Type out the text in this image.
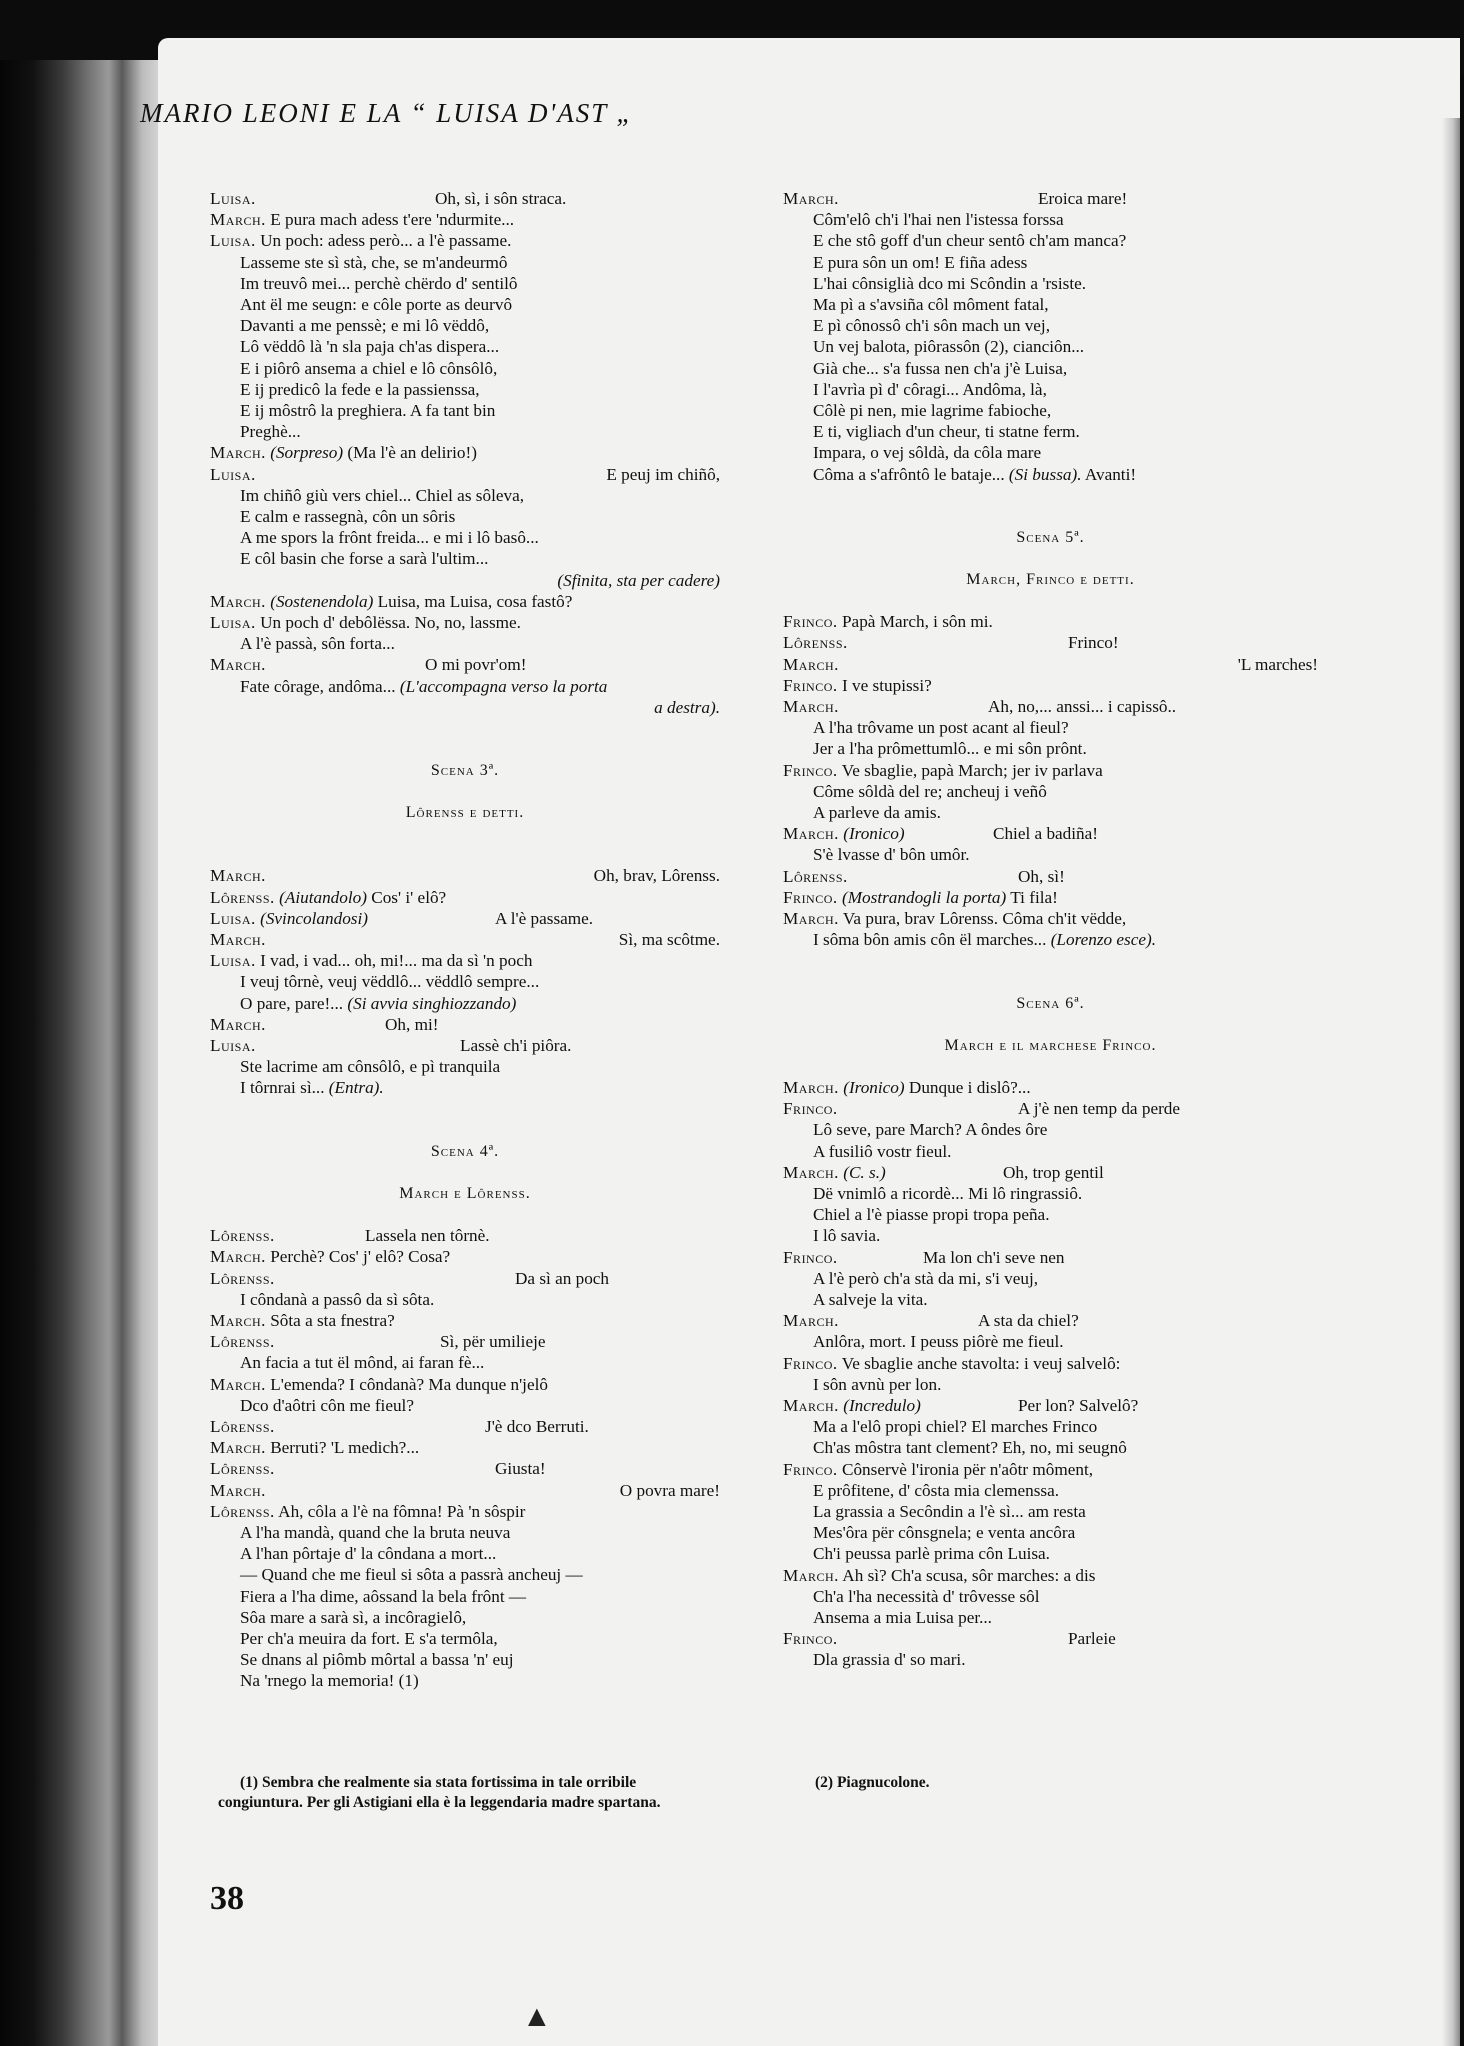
MARIO LEONI E LA “ LUISA D'AST „
Luisa.	Oh, sì, i sôn straca.
March. E pura mach adess t'ere 'ndurmite...
Luisa. Un poch: adess però... a l'è passame.
Lasseme ste sì stà, che, se m'andeurmô
Im treuvô mei... perchè chërdo d' sentilô
Ant ël me seugn: e côle porte as deurvô
Davanti a me penssè; e mi lô vëddô,
Lô vëddô là 'n sla paja ch'as dispera...
E i piôrô ansema a chiel e lô cônsôlô,
E ij predicô la fede e la passienssa,
E ij môstrô la preghiera. A fa tant bin
Preghè...
March. (Sorpreso) (Ma l'è an delirio!)
Luisa.	E peuj im chiñô,
Im chiñô giù vers chiel... Chiel as sôleva,
E calm e rassegnà, côn un sôris
A me spors la frônt freida... e mi i lô basô...
E côl basin che forse a sarà l'ultim...
(Sfinita, sta per cadere)
March. (Sostenendola) Luisa, ma Luisa, cosa fastô?
Luisa. Un poch d' debôlëssa. No, no, lassme.
A l'è passà, sôn forta...
March.	O mi povr'om!
Fate côrage, andôma... (L'accompagna verso la porta
a destra).
Scena 3ª.
Lôrenss e detti.
March.	Oh, brav, Lôrenss.
Lôrenss. (Aiutandolo) Cos' i' elô?
Luisa. (Svincolandosi)	A l'è passame.
March.	Sì, ma scôtme.
Luisa. I vad, i vad... oh, mi!... ma da sì 'n poch
I veuj tôrnè, veuj vëddlô... vëddlô sempre...
O pare, pare!... (Si avvia singhiozzando)
March.	Oh, mi!
Luisa.	Lassè ch'i piôra.
Ste lacrime am cônsôlô, e pì tranquila
I tôrnrai sì... (Entra).
Scena 4ª.
March e Lôrenss.
Lôrenss.	Lassela nen tôrnè.
March. Perchè? Cos' j' elô? Cosa?
Lôrenss.	Da sì an poch
I côndanà a passô da sì sôta.
March. Sôta a sta fnestra?
Lôrenss.	Sì, për umilieje
An facia a tut ël mônd, ai faran fè...
March. L'emenda? I côndanà? Ma dunque n'jelô
Dco d'aôtri côn me fieul?
Lôrenss.	J'è dco Berruti.
March. Berruti? 'L medich?...
Lôrenss.	Giusta!
March.	O povra mare!
Lôrenss. Ah, côla a l'è na fômna! Pà 'n sôspir
A l'ha mandà, quand che la bruta neuva
A l'han pôrtaje d' la côndana a mort...
— Quand che me fieul si sôta a passrà ancheuj —
Fiera a l'ha dime, aôssand la bela frônt —
Sôa mare a sarà sì, a incôragielô,
Per ch'a meuira da fort. E s'a termôla,
Se dnans al piômb môrtal a bassa 'n' euj
Na 'rnego la memoria! (1)
March.	Eroica mare!
Côm'elô ch'i l'hai nen l'istessa forssa
E che stô goff d'un cheur sentô ch'am manca?
E pura sôn un om! E fiña adess
L'hai cônsiglià dco mi Scôndin a 'rsiste.
Ma pì a s'avsiña côl môment fatal,
E pì cônossô ch'i sôn mach un vej,
Un vej balota, piôrassôn (2), cianciôn...
Già che... s'a fussa nen ch'a j'è Luisa,
I l'avrìa pì d' côragi... Andôma, là,
Côlè pi nen, mie lagrime fabioche,
E ti, vigliach d'un cheur, ti statne ferm.
Impara, o vej sôldà, da côla mare
Côma a s'afrôntô le bataje... (Si bussa). Avanti!
Scena 5ª.
March, Frinco e detti.
Frinco. Papà March, i sôn mi.
Lôrenss.	Frinco!
March.	'L marches!
Frinco. I ve stupissi?
March.	Ah, no,... anssi... i capissô..
A l'ha trôvame un post acant al fieul?
Jer a l'ha prômettumlô... e mi sôn prônt.
Frinco. Ve sbaglie, papà March; jer iv parlava
Côme sôldà del re; ancheuj i veñô
A parleve da amis.
March. (Ironico)	Chiel a badiña!
S'è lvasse d' bôn umôr.
Lôrenss.	Oh, sì!
Frinco. (Mostrandogli la porta) Ti fila!
March. Va pura, brav Lôrenss. Côma ch'it vëdde,
I sôma bôn amis côn ël marches... (Lorenzo esce).
Scena 6ª.
March e il marchese Frinco.
March. (Ironico) Dunque i dislô?...
Frinco.	A j'è nen temp da perde
Lô seve, pare March? A ôndes ôre
A fusiliô vostr fieul.
March. (C. s.)	Oh, trop gentil
Dë vnimlô a ricordè... Mi lô ringrassiô.
Chiel a l'è piasse propi tropa peña.
I lô savia.
Frinco.	Ma lon ch'i seve nen
A l'è però ch'a stà da mi, s'i veuj,
A salveje la vita.
March.	A sta da chiel?
Anlôra, mort. I peuss piôrè me fieul.
Frinco. Ve sbaglie anche stavolta: i veuj salvelô:
I sôn avnù per lon.
March. (Incredulo)	Per lon? Salvelô?
Ma a l'elô propi chiel? El marches Frinco
Ch'as môstra tant clement? Eh, no, mi seugnô
Frinco. Cônservè l'ironia për n'aôtr môment,
E prôfitene, d' côsta mia clemenssa.
La grassia a Secôndin a l'è sì... am resta
Mes'ôra për cônsgnela; e venta ancôra
Ch'i peussa parlè prima côn Luisa.
March. Ah sì? Ch'a scusa, sôr marches: a dis
Ch'a l'ha necessità d' trôvesse sôl
Ansema a mia Luisa per...
Frinco.	Parleie
Dla grassia d' so mari.
(1) Sembra che realmente sia stata fortissima in tale orribile congiuntura. Per gli Astigiani ella è la leggendaria madre spartana.
(2) Piagnucolone.
38
▲
